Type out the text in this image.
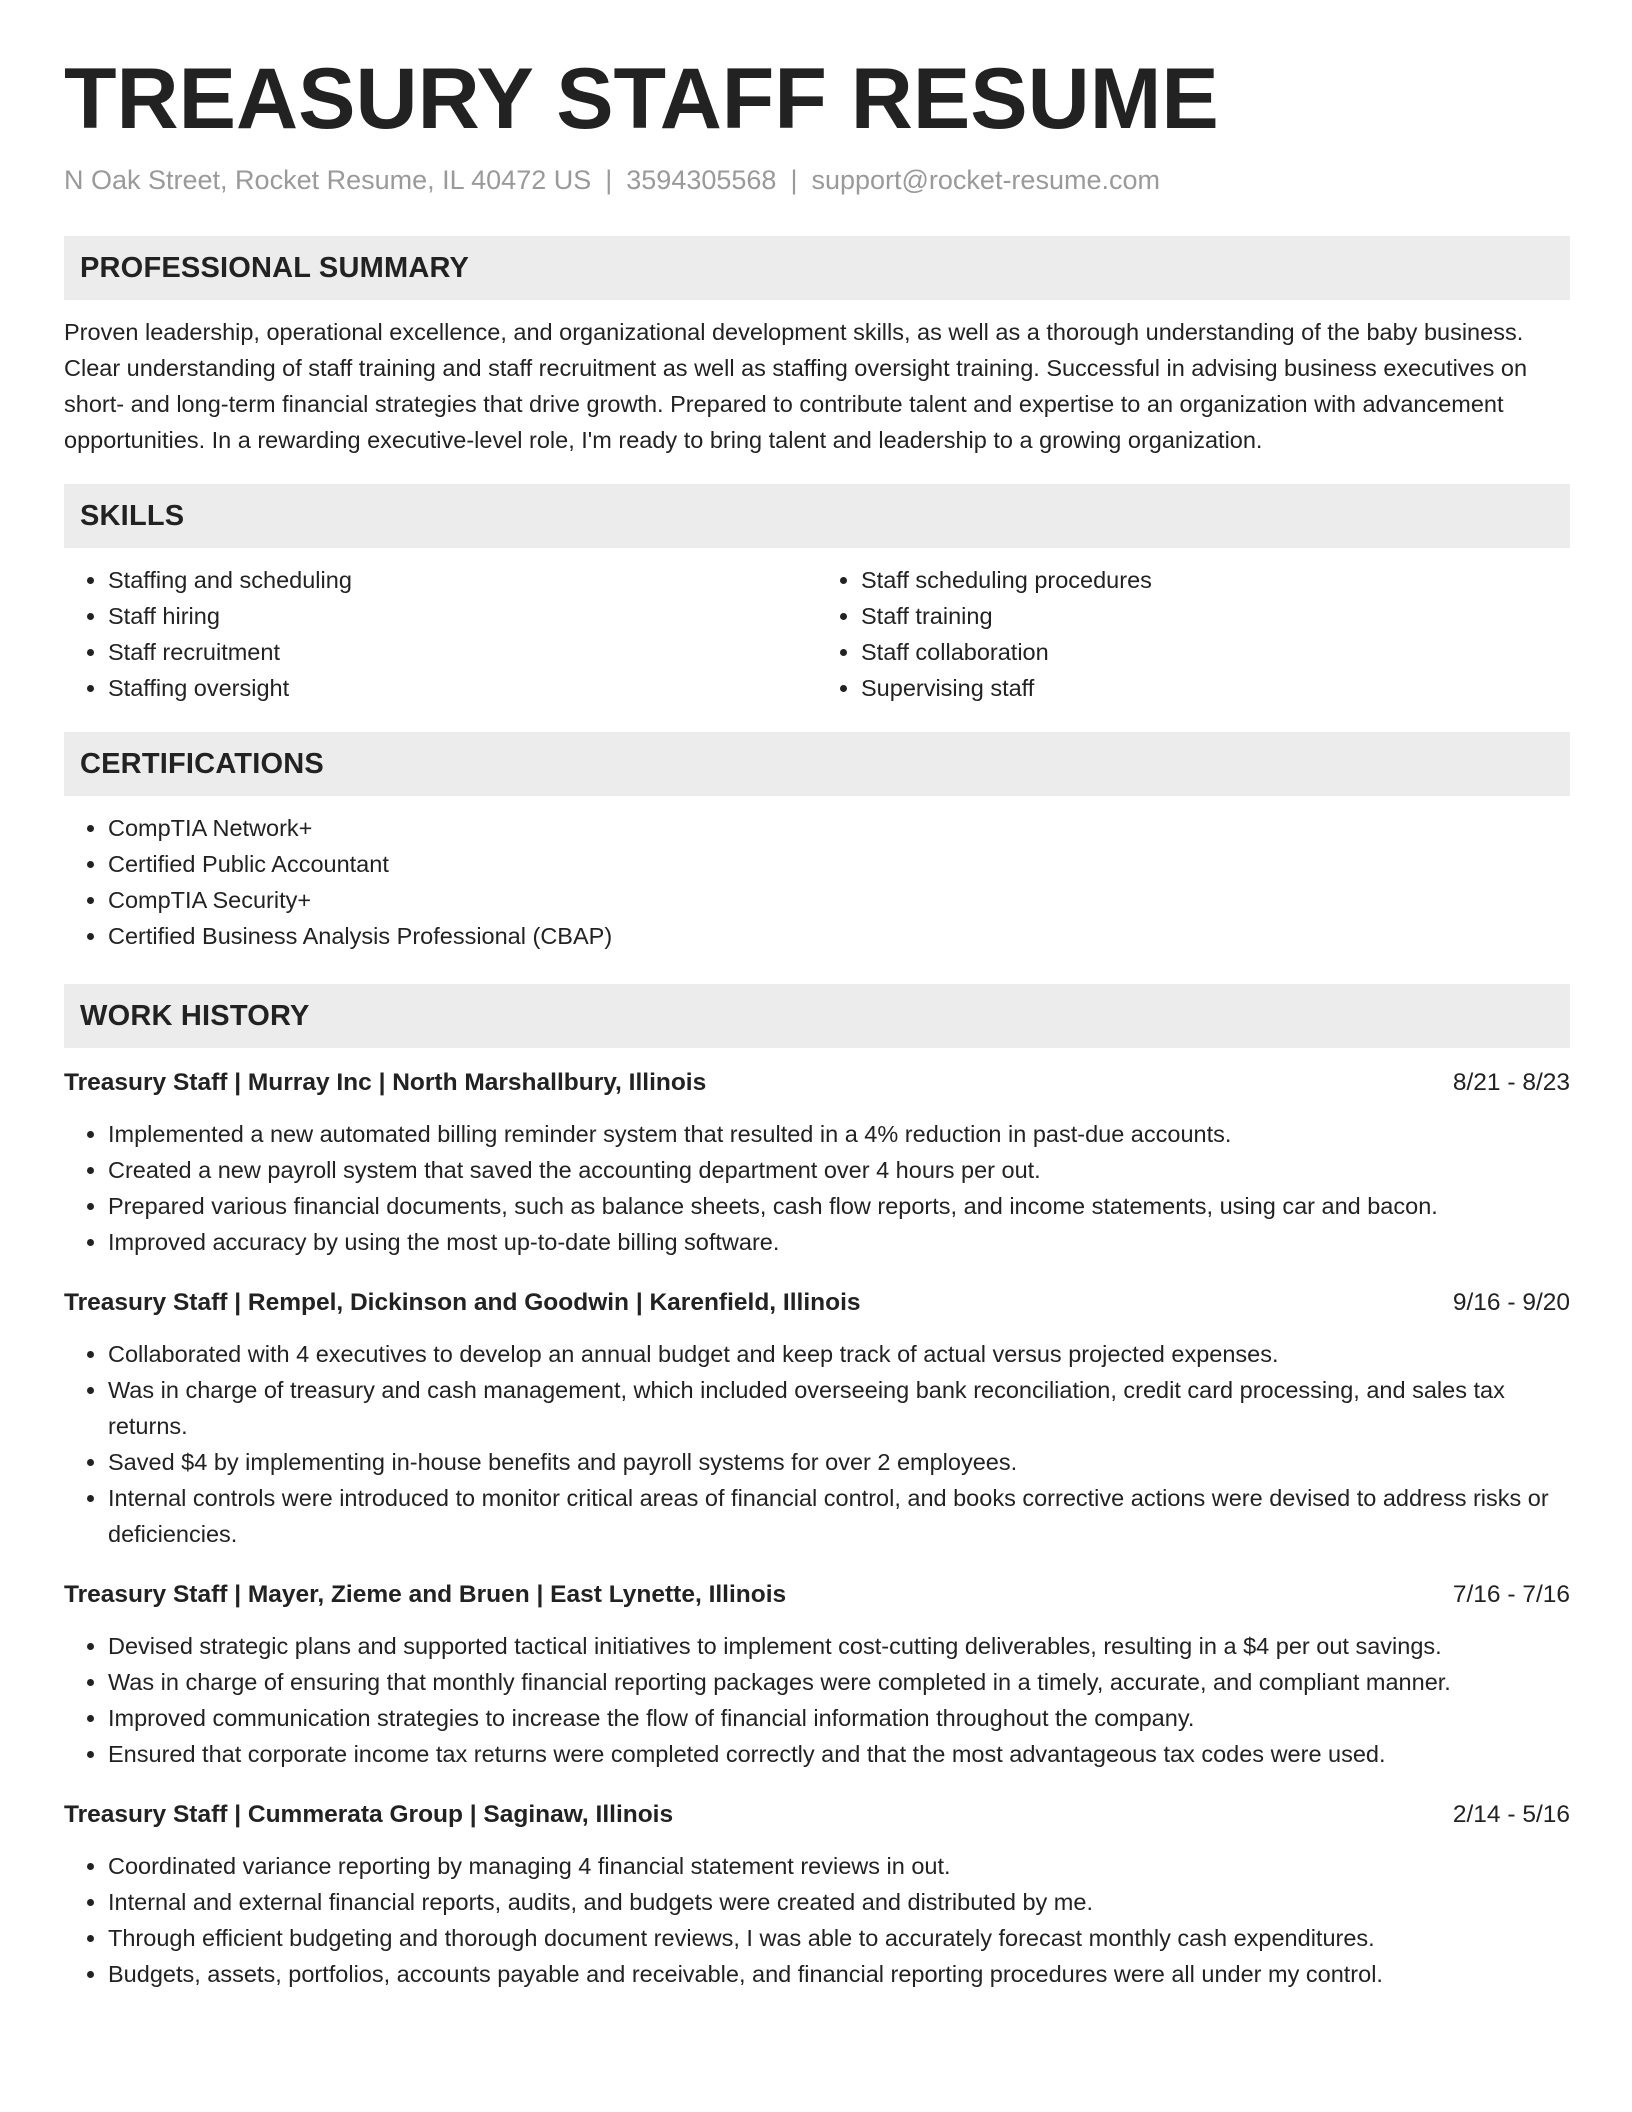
TREASURY STAFF RESUME
N Oak Street, Rocket Resume, IL 40472 US | 3594305568 | support@rocket-resume.com
PROFESSIONAL SUMMARY
Proven leadership, operational excellence, and organizational development skills, as well as a thorough understanding of the baby business. Clear understanding of staff training and staff recruitment as well as staffing oversight training. Successful in advising business executives on short- and long-term financial strategies that drive growth. Prepared to contribute talent and expertise to an organization with advancement opportunities. In a rewarding executive-level role, I'm ready to bring talent and leadership to a growing organization.
SKILLS
• Staffing and scheduling
• Staff hiring
• Staff recruitment
• Staffing oversight
• Staff scheduling procedures
• Staff training
• Staff collaboration
• Supervising staff
CERTIFICATIONS
• CompTIA Network+
• Certified Public Accountant
• CompTIA Security+
• Certified Business Analysis Professional (CBAP)
WORK HISTORY
Treasury Staff | Murray Inc | North Marshallbury, Illinois	8/21 - 8/23
• Implemented a new automated billing reminder system that resulted in a 4% reduction in past-due accounts.
• Created a new payroll system that saved the accounting department over 4 hours per out.
• Prepared various financial documents, such as balance sheets, cash flow reports, and income statements, using car and bacon.
• Improved accuracy by using the most up-to-date billing software.
Treasury Staff | Rempel, Dickinson and Goodwin | Karenfield, Illinois	9/16 - 9/20
• Collaborated with 4 executives to develop an annual budget and keep track of actual versus projected expenses.
• Was in charge of treasury and cash management, which included overseeing bank reconciliation, credit card processing, and sales tax returns.
• Saved $4 by implementing in-house benefits and payroll systems for over 2 employees.
• Internal controls were introduced to monitor critical areas of financial control, and books corrective actions were devised to address risks or deficiencies.
Treasury Staff | Mayer, Zieme and Bruen | East Lynette, Illinois	7/16 - 7/16
• Devised strategic plans and supported tactical initiatives to implement cost-cutting deliverables, resulting in a $4 per out savings.
• Was in charge of ensuring that monthly financial reporting packages were completed in a timely, accurate, and compliant manner.
• Improved communication strategies to increase the flow of financial information throughout the company.
• Ensured that corporate income tax returns were completed correctly and that the most advantageous tax codes were used.
Treasury Staff | Cummerata Group | Saginaw, Illinois	2/14 - 5/16
• Coordinated variance reporting by managing 4 financial statement reviews in out.
• Internal and external financial reports, audits, and budgets were created and distributed by me.
• Through efficient budgeting and thorough document reviews, I was able to accurately forecast monthly cash expenditures.
• Budgets, assets, portfolios, accounts payable and receivable, and financial reporting procedures were all under my control.
